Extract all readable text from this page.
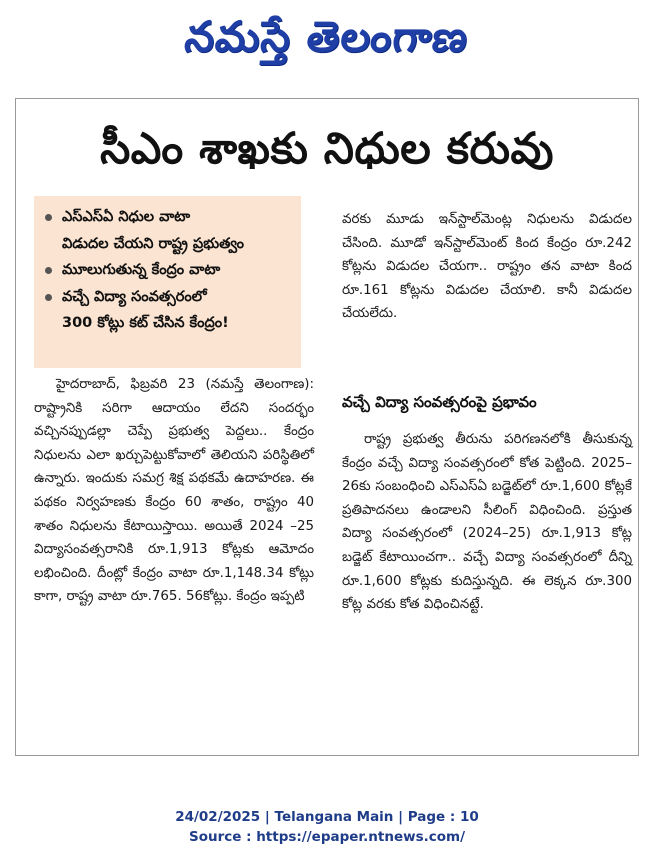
నమస్తే తెలంగాణ
సీఎం శాఖకు నిధుల కరువు
ఎస్ఎస్ఏ నిధుల వాటా
విడుదల చేయని రాష్ట్ర ప్రభుత్వం
మూలుగుతున్న కేంద్రం వాటా
వచ్చే విద్యా సంవత్సరంలో
300 కోట్లు కట్ చేసిన కేంద్రం!

హైదరాబాద్, ఫిబ్రవరి 23 (నమస్తే తెలంగాణ): రాష్ట్రానికి సరిగా ఆదాయం లేదని సందర్భం వచ్చినప్పుడల్లా చెప్పే ప్రభుత్వ పెద్దలు.. కేంద్రం నిధులను ఎలా ఖర్చుపెట్టుకోవాలో తెలియని పరిస్థితిలో ఉన్నారు. ఇందుకు సమగ్ర శిక్ష పథకమే ఉదాహరణ. ఈ పథకం నిర్వహణకు కేంద్రం 60 శాతం, రాష్ట్రం 40 శాతం నిధులను కేటాయిస్తాయి. అయితే 2024 –25 విద్యాసంవత్సరానికి రూ.1,913 కోట్లకు ఆమోదం లభించింది. దీంట్లో కేంద్రం వాటా రూ.1,148.34 కోట్లు కాగా, రాష్ట్ర వాటా రూ.765. 56కోట్లు. కేంద్రం ఇప్పటి

వరకు మూడు ఇన్‌స్టాల్‌మెంట్ల నిధులను విడుదల చేసింది. మూడో ఇన్‌స్టాల్‌మెంట్ కింద కేంద్రం రూ.242 కోట్లను విడుదల చేయగా.. రాష్ట్రం తన వాటా కింద రూ.161 కోట్లను విడుదల చేయాలి. కానీ విడుదల చేయలేదు.

వచ్చే విద్యా సంవత్సరంపై ప్రభావం

రాష్ట్ర ప్రభుత్వ తీరును పరిగణనలోకి తీసుకున్న కేంద్రం వచ్చే విద్యా సంవత్సరంలో కోత పెట్టింది. 2025–26కు సంబంధించి ఎస్ఎస్ఏ బడ్జెట్‌లో రూ.1,600 కోట్లకే ప్రతిపాదనలు ఉండాలని సీలింగ్ విధించింది. ప్రస్తుత విద్యా సంవత్సరంలో (2024–25) రూ.1,913 కోట్ల బడ్జెట్ కేటాయించగా.. వచ్చే విద్యా సంవత్సరంలో దీన్ని రూ.1,600 కోట్లకు కుదిస్తున్నది. ఈ లెక్కన రూ.300 కోట్ల వరకు కోత విధించినట్టే.

24/02/2025 | Telangana Main | Page : 10
Source : https://epaper.ntnews.com/
